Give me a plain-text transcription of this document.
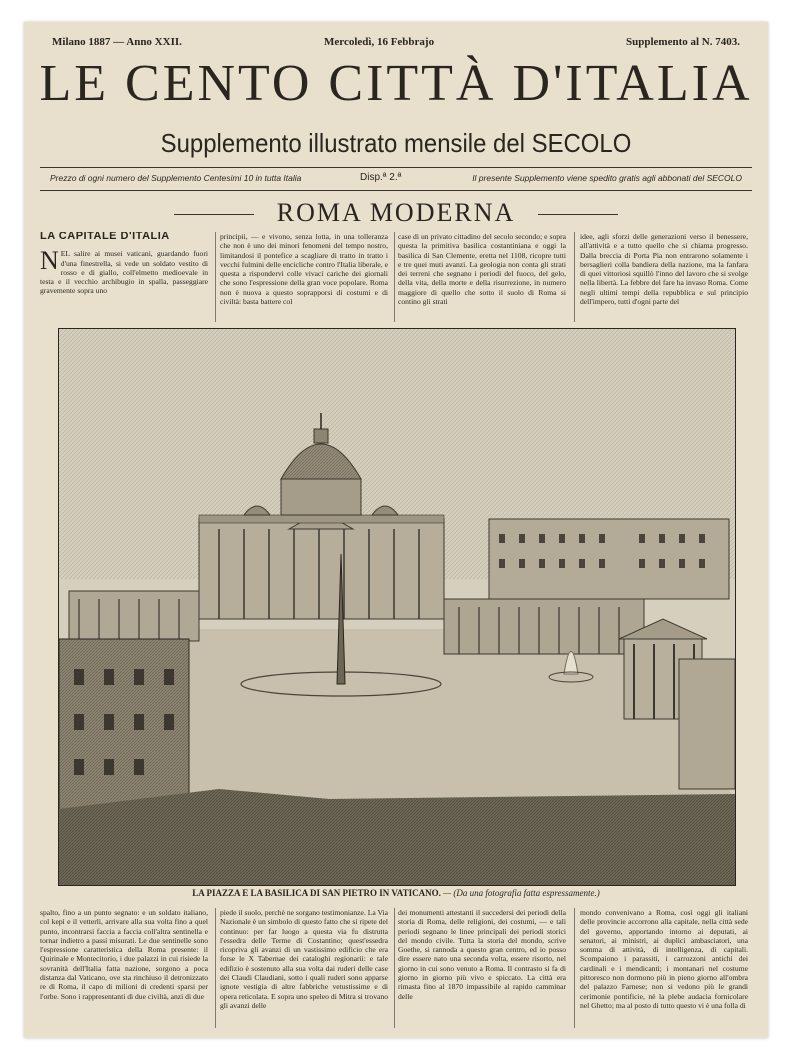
Milano 1887 — Anno XXII.	Mercoledì, 16 Febbrajo	Supplemento al N. 7403.
LE CENTO CITTÀ D'ITALIA
Supplemento illustrato mensile del SECOLO
Prezzo di ogni numero del Supplemento Centesimi 10 in tutta Italia	Disp.ª 2.ª	Il presente Supplemento viene spedito gratis agli abbonati del SECOLO
ROMA MODERNA
LA CAPITALE D'ITALIA
N EL salire ai musei vaticani, guardando fuori d'una finestrella, si vede un soldato vestito di rosso e di giallo, coll'elmetto medioevale in testa e il vecchio archibugio in spalla, passeggiare gravemente sopra uno
principii, — e vivono, senza lotta, in una tolleranza che non è uno dei minori fenomeni del tempo nostro, limitandosi il pontefice a scagliare di tratto in tratto i vecchi fulmini delle encicliche contro l'Italia liberale, e questa a rispondervi colle vivaci cariche dei giornali che sono l'espressione della gran voce popolare. Roma non è nuova a questo soprapporsi di costumi e di civiltà: basta battere col
case di un privato cittadino del secolo secondo; e sopra questa la primitiva basilica costantiniana e oggi la basilica di San Clemente, eretta nel 1108, ricopre tutti e tre quei muti avanzi. La geologia non conta gli strati dei terreni che segnano i periodi del fuoco, del gelo, della vita, della morte e della risurrezione, in numero maggiore di quello che sotto il suolo di Roma si contino gli strati
idee, agli sforzi delle generazioni verso il benessere, all'attività e a tutto quello che si chiama progresso. Dalla breccia di Porta Pia non entrarono solamente i bersaglieri colla bandiera della nazione, ma la fanfara di quei vittoriosi squillò l'inno del lavoro che si svolge nella libertà. La febbre del fare ha invaso Roma. Come negli ultimi tempi della repubblica e sul principio dell'impero, tutti d'ogni parte del
LA PIAZZA E LA BASILICA DI SAN PIETRO IN VATICANO. — (Da una fotografia fatta espressamente.)
spalto, fino a un punto segnato: e un soldato italiano, col kepì e il vetterli, arrivare alla sua volta fino a quel punto, incontrarsi faccia a faccia coll'altra sentinella e tornar indietro a passi misurati. Le due sentinelle sono l'espressione caratteristica della Roma presente: il Quirinale e Montecitorio, i due palazzi in cui risiede la sovranità dell'Italia fatta nazione, sorgono a poca distanza dal Vaticano, ove sta rinchiuso il detronizzato re di Roma, il capo di milioni di credenti sparsi per l'orbe. Sono i rappresentanti di due civiltà, anzi di due
piede il suolo, perchè ne sorgano testimonianze. La Via Nazionale è un simbolo di questo fatto che si ripete del continuo: per far luogo a questa via fu distrutta l'essedra delle Terme di Costantino; quest'essedra ricopriva gli avanzi di un vastissimo edificio che era forse le X Tabernae dei cataloghi regionarii: e tale edifizio è sostenuto alla sua volta dai ruderi delle case dei Claudi Claudiani, sotto i quali ruderi sono apparse ignote vestigia di altre fabbriche vetustissime e di opera reticolata. E sopra uno speleo di Mitra si trovano gli avanzi delle
dei monumenti attestanti il succedersi dei periodi della storia di Roma, delle religioni, dei costumi, — e tali periodi segnano le linee principali dei periodi storici del mondo civile. Tutta la storia del mondo, scrive Goethe, si rannoda a questo gran centro, ed io posso dire essere nato una seconda volta, essere risorto, nel giorno in cui sono venuto a Roma. Il contrasto si fa di giorno in giorno più vivo e spiccato. La città era rimasta fino al 1870 impassibile al rapido camminar delle
mondo convenivano a Roma, così oggi gli italiani delle provincie accorrono alla capitale, nella città sede del governo, apportando intorno ai deputati, ai senatori, ai ministri, ai duplici ambasciatori, una somma di attività, di intelligenza, di capitali. Scompaiono i parassiti, i carrozzoni antichi dei cardinali e i mendicanti; i montanari nel costume pittoresco non dormono più in pieno giorno all'ombra del palazzo Farnese; non si vedono più le grandi cerimonie pontificie, nè la plebe audacia fornicolare nel Ghetto; ma al posto di tutto questo vi è una folla di
